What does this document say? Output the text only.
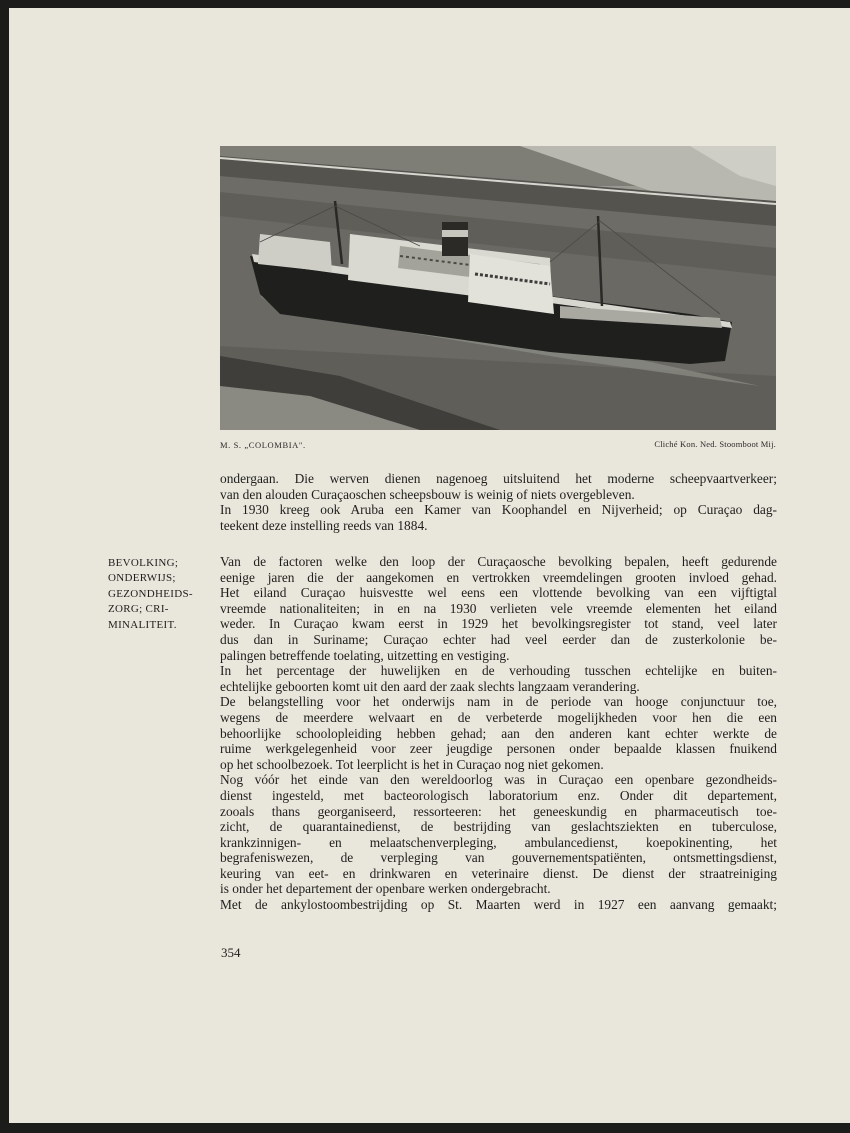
M. S. „COLOMBIA".	Cliché Kon. Ned. Stoomboot Mij.
ondergaan. Die werven dienen nagenoeg uitsluitend het moderne scheepvaartverkeer;
van den alouden Curaçaoschen scheepsbouw is weinig of niets overgebleven.
In 1930 kreeg ook Aruba een Kamer van Koophandel en Nijverheid; op Curaçao dag-
teekent deze instelling reeds van 1884.
BEVOLKING;
ONDERWIJS;
GEZONDHEIDS-
ZORG; CRI-
MINALITEIT.
Van de factoren welke den loop der Curaçaosche bevolking bepalen, heeft gedurende
eenige jaren die der aangekomen en vertrokken vreemdelingen grooten invloed gehad.
Het eiland Curaçao huisvestte wel eens een vlottende bevolking van een vijftigtal
vreemde nationaliteiten; in en na 1930 verlieten vele vreemde elementen het eiland
weder. In Curaçao kwam eerst in 1929 het bevolkingsregister tot stand, veel later
dus dan in Suriname; Curaçao echter had veel eerder dan de zusterkolonie be-
palingen betreffende toelating, uitzetting en vestiging.
In het percentage der huwelijken en de verhouding tusschen echtelijke en buiten-
echtelijke geboorten komt uit den aard der zaak slechts langzaam verandering.
De belangstelling voor het onderwijs nam in de periode van hooge conjunctuur toe,
wegens de meerdere welvaart en de verbeterde mogelijkheden voor hen die een
behoorlijke schoolopleiding hebben gehad; aan den anderen kant echter werkte de
ruime werkgelegenheid voor zeer jeugdige personen onder bepaalde klassen fnuikend
op het schoolbezoek. Tot leerplicht is het in Curaçao nog niet gekomen.
Nog vóór het einde van den wereldoorlog was in Curaçao een openbare gezondheids-
dienst ingesteld, met bacteorologisch laboratorium enz. Onder dit departement,
zooals thans georganiseerd, ressorteeren: het geneeskundig en pharmaceutisch toe-
zicht, de quarantainedienst, de bestrijding van geslachtsziekten en tuberculose,
krankzinnigen- en melaatschenverpleging, ambulancedienst, koepokinenting, het
begrafeniswezen, de verpleging van gouvernementspatiënten, ontsmettingsdienst,
keuring van eet- en drinkwaren en veterinaire dienst. De dienst der straatreiniging
is onder het departement der openbare werken ondergebracht.
Met de ankylostoombestrijding op St. Maarten werd in 1927 een aanvang gemaakt;
354
